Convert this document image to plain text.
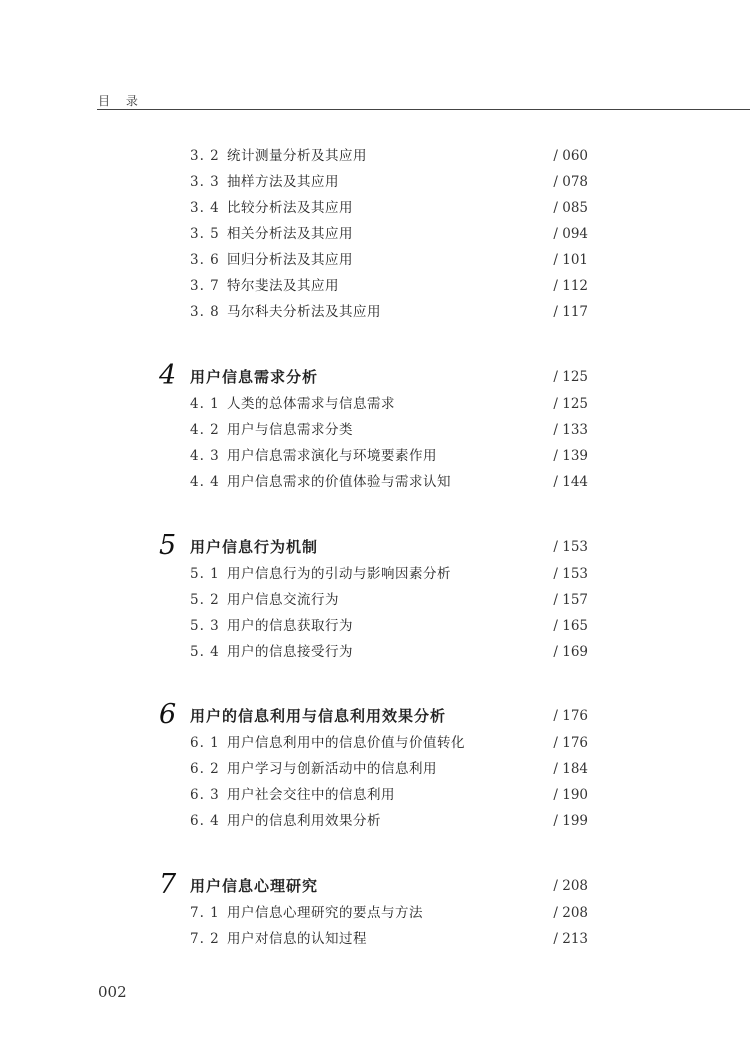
目 录
3. 2 统计测量分析及其应用	/ 060
3. 3 抽样方法及其应用	/ 078
3. 4 比较分析法及其应用	/ 085
3. 5 相关分析法及其应用	/ 094
3. 6 回归分析法及其应用	/ 101
3. 7 特尔斐法及其应用	/ 112
3. 8 马尔科夫分析法及其应用	/ 117
4 用户信息需求分析	/ 125
4. 1 人类的总体需求与信息需求	/ 125
4. 2 用户与信息需求分类	/ 133
4. 3 用户信息需求演化与环境要素作用	/ 139
4. 4 用户信息需求的价值体验与需求认知	/ 144
5 用户信息行为机制	/ 153
5. 1 用户信息行为的引动与影响因素分析	/ 153
5. 2 用户信息交流行为	/ 157
5. 3 用户的信息获取行为	/ 165
5. 4 用户的信息接受行为	/ 169
6 用户的信息利用与信息利用效果分析	/ 176
6. 1 用户信息利用中的信息价值与价值转化	/ 176
6. 2 用户学习与创新活动中的信息利用	/ 184
6. 3 用户社会交往中的信息利用	/ 190
6. 4 用户的信息利用效果分析	/ 199
7 用户信息心理研究	/ 208
7. 1 用户信息心理研究的要点与方法	/ 208
7. 2 用户对信息的认知过程	/ 213
002
